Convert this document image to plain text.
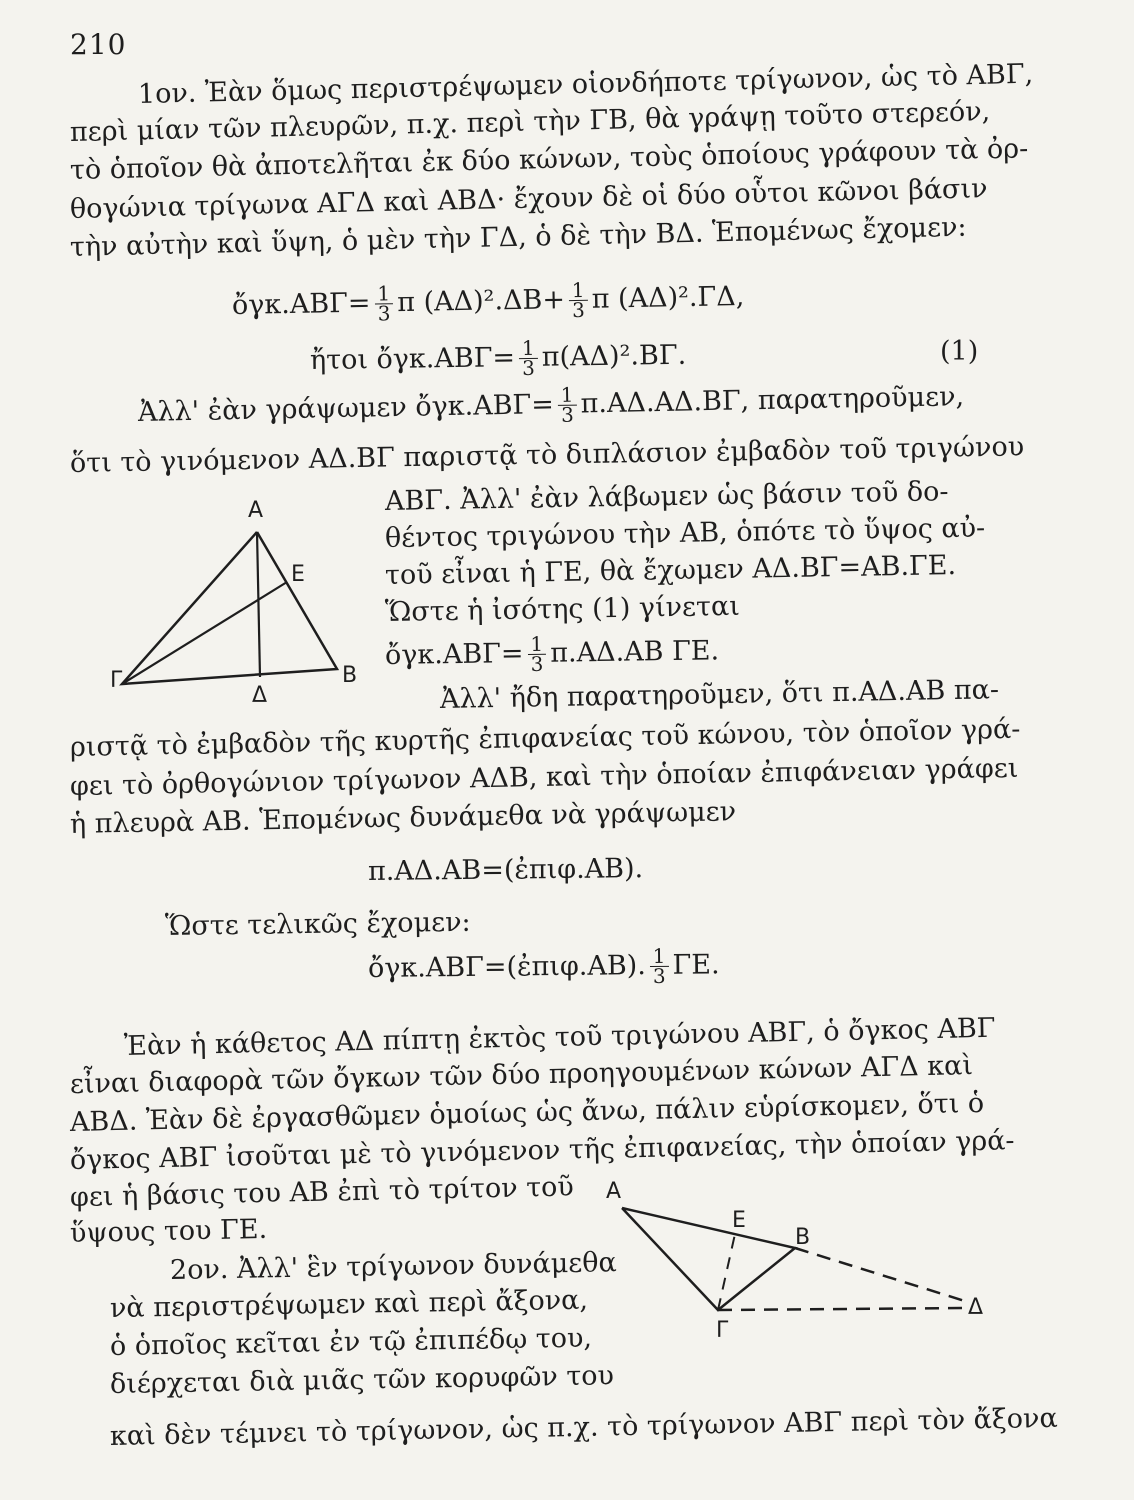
210
1ον. Ἐὰν ὅμως περιστρέψωμεν οἱονδήποτε τρίγωνον, ὡς τὸ ΑΒΓ,
περὶ μίαν τῶν πλευρῶν, π.χ. περὶ τὴν ΓΒ, θὰ γράψῃ τοῦτο στερεόν,
τὸ ὁποῖον θὰ ἀποτελῆται ἐκ δύο κώνων, τοὺς ὁποίους γράφουν τὰ ὀρ-
θογώνια τρίγωνα ΑΓΔ καὶ ΑΒΔ· ἔχουν δὲ οἱ δύο οὗτοι κῶνοι βάσιν
τὴν αὐτὴν καὶ ὕψη, ὁ μὲν τὴν ΓΔ, ὁ δὲ τὴν ΒΔ. Ἑπομένως ἔχομεν:
ὄγκ.ΑΒΓ= $\frac{1}{3}$ π $(A\Delta)^2.\Delta B+ \frac{1}{3}$ π (ΑΔ)².ΓΔ,
ἤτοι ὄγκ.ΑΒΓ= $\frac{1}{3} \pi(A\Delta)^2.B\Gamma$.	(1)
Ἀλλ' ἐὰν γράψωμεν ὄγκ.ΑΒΓ= $\frac{1}{3} \pi.A\Delta.A\Delta.B\Gamma$, παρατηροῦμεν,
ὅτι τὸ γινόμενον ΑΔ.ΒΓ παριστᾷ τὸ διπλάσιον ἐμβαδὸν τοῦ τριγώνου
ΑΒΓ. Ἀλλ' ἐὰν λάβωμεν ὡς βάσιν τοῦ δο-
θέντος τριγώνου τὴν ΑΒ, ὁπότε τὸ ὕψος αὐ-
τοῦ εἶναι ἡ ΓΕ, θὰ ἔχωμεν ΑΔ.ΒΓ=ΑΒ.ΓΕ.
Ὥστε ἡ ἰσότης (1) γίνεται
ὄγκ.ΑΒΓ= $\frac{1}{3} \pi.A\Delta.AB$ ΓΕ.
A
E
Γ	B
Δ	Ἀλλ' ἤδη παρατηροῦμεν, ὅτι π.ΑΔ.ΑΒ πα-
ριστᾷ τὸ ἐμβαδὸν τῆς κυρτῆς ἐπιφανείας τοῦ κώνου, τὸν ὁποῖον γρά-
φει τὸ ὀρθογώνιον τρίγωνον ΑΔΒ, καὶ τὴν ὁποίαν ἐπιφάνειαν γράφει
ἡ πλευρὰ ΑΒ. Ἑπομένως δυνάμεθα νὰ γράψωμεν
π.ΑΔ.ΑΒ=(ἐπιφ.ΑΒ).
Ὥστε τελικῶς ἔχομεν:
ὄγκ.ΑΒΓ=(ἐπιφ.ΑΒ). $\frac{1}{3} \Gamma E$.
Ἐὰν ἡ κάθετος ΑΔ πίπτῃ ἐκτὸς τοῦ τριγώνου ΑΒΓ, ὁ ὄγκος ΑΒΓ
εἶναι διαφορὰ τῶν ὄγκων τῶν δύο προηγουμένων κώνων ΑΓΔ καὶ
ΑΒΔ. Ἐὰν δὲ ἐργασθῶμεν ὁμοίως ὡς ἄνω, πάλιν εὑρίσκομεν, ὅτι ὁ
ὄγκος ΑΒΓ ἰσοῦται μὲ τὸ γινόμενον τῆς ἐπιφανείας, τὴν ὁποίαν γρά-
φει ἡ βάσις του ΑΒ ἐπὶ τὸ τρίτον τοῦ
ὕψους του ΓΕ.
2ον. Ἀλλ' ἓν τρίγωνον δυνάμεθα
νὰ περιστρέψωμεν καὶ περὶ ἄξονα,
ὁ ὁποῖος κεῖται ἐν τῷ ἐπιπέδῳ του,
διέρχεται διὰ μιᾶς τῶν κορυφῶν του
καὶ δὲν τέμνει τὸ τρίγωνον, ὡς π.χ. τὸ τρίγωνον ΑΒΓ περὶ τὸν ἄξονα
A
E
B
Γ
Δ
